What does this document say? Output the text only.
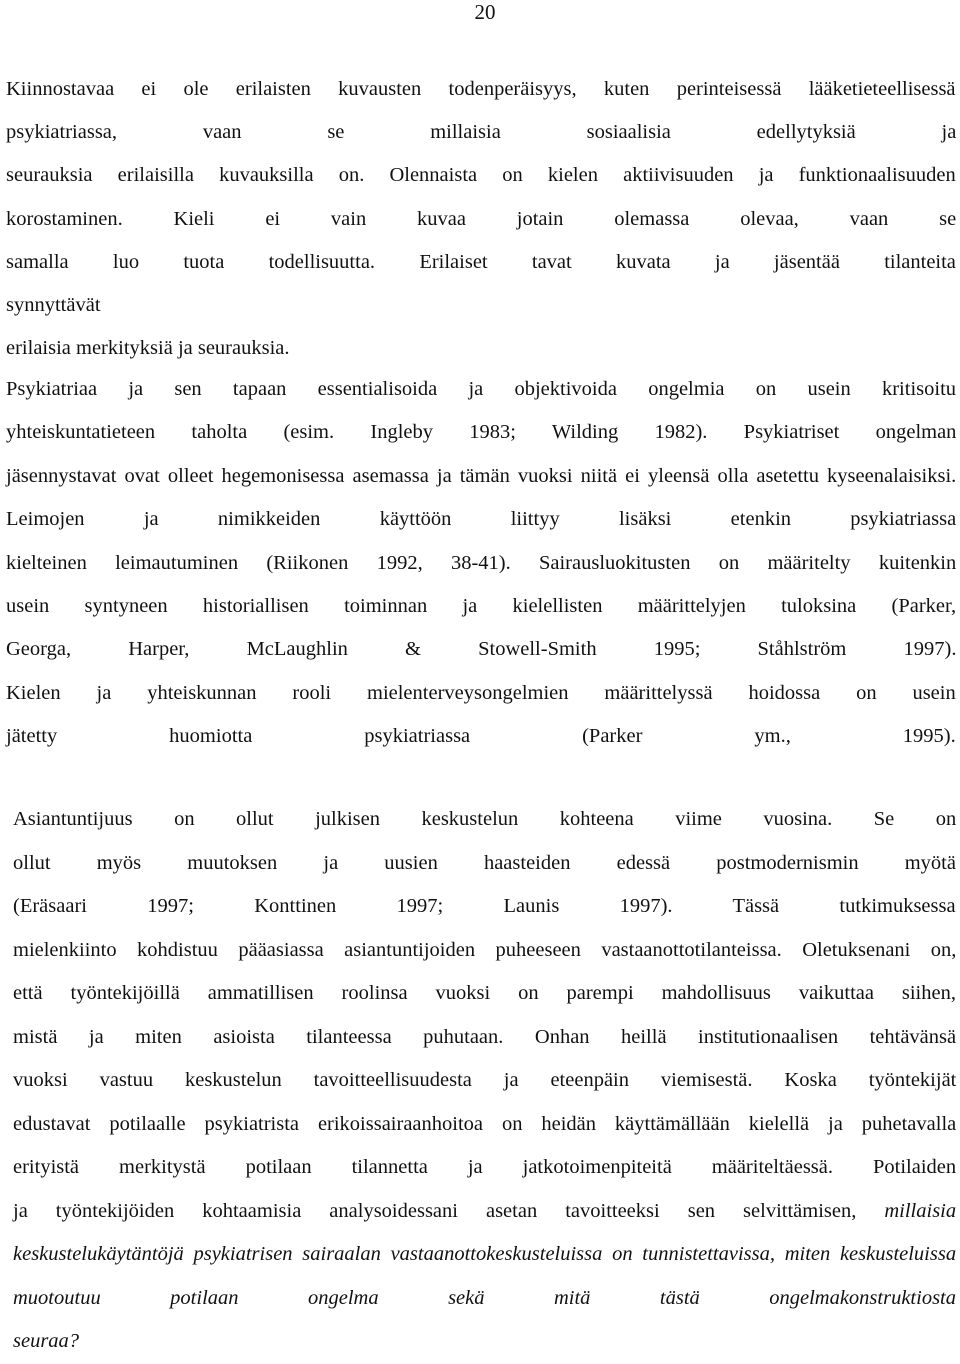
20

Kiinnostavaa ei ole erilaisten kuvausten todenperäisyys, kuten perinteisessä lääketieteellisessä
psykiatriassa,	vaan	se	millaisia	sosiaalisia	edellytyksiä	ja
seurauksia erilaisilla kuvauksilla on. Olennaista on kielen aktiivisuuden ja funktionaalisuuden
korostaminen. Kieli ei vain kuvaa jotain olemassa olevaa, vaan se
samalla luo tuota todellisuutta. Erilaiset tavat kuvata ja jäsentää tilanteita
synnyttävät
erilaisia merkityksiä ja seurauksia.

Psykiatriaa ja sen tapaan essentialisoida ja objektivoida ongelmia on usein kritisoitu
yhteiskuntatieteen taholta (esim. Ingleby 1983; Wilding 1982). Psykiatriset ongelman
jäsennystavat ovat olleet hegemonisessa asemassa ja tämän vuoksi niitä ei yleensä olla asetettu kyseenalaisiksi.
Leimojen	ja	nimikkeiden	käyttöön	liittyy	lisäksi	etenkin	psykiatriassa
kielteinen leimautuminen (Riikonen 1992, 38-41). Sairausluokitusten on määritelty kuitenkin
usein syntyneen historiallisen toiminnan ja kielellisten määrittelyjen tuloksina (Parker,
Georga,	Harper,	McLaughlin	&	Stowell-Smith	1995;	Ståhlström	1997).
Kielen ja yhteiskunnan rooli mielenterveysongelmien määrittelyssä hoidossa on usein
jätetty	huomiotta	psykiatriassa	(Parker	ym.,	1995).

Asiantuntijuus on ollut julkisen keskustelun kohteena viime vuosina. Se on
ollut myös muutoksen ja uusien haasteiden edessä postmodernismin myötä
(Eräsaari	1997;	Konttinen	1997;	Launis	1997).	Tässä	tutkimuksessa
mielenkiinto kohdistuu pääasiassa asiantuntijoiden puheeseen vastaanottotilanteissa. Oletuksenani on,
että työntekijöillä ammatillisen roolinsa vuoksi on parempi mahdollisuus vaikuttaa siihen,
mistä ja miten asioista tilanteessa puhutaan. Onhan heillä institutionaalisen tehtävänsä
vuoksi vastuu keskustelun tavoitteellisuudesta ja eteenpäin viemisestä. Koska työntekijät
edustavat potilaalle psykiatrista erikoissairaanhoitoa on heidän käyttämällään kielellä ja puhetavalla
erityistä merkitystä potilaan tilannetta ja jatkotoimenpiteitä määriteltäessä. Potilaiden
ja työntekijöiden kohtaamisia analysoidessani asetan tavoitteeksi sen selvittämisen, millaisia
keskustelukäytäntöjä psykiatrisen sairaalan vastaanottokeskusteluissa on tunnistettavissa, miten keskusteluissa
muotoutuu	potilaan	ongelma	sekä	mitä	tästä	ongelmakonstruktiosta
seuraa?
